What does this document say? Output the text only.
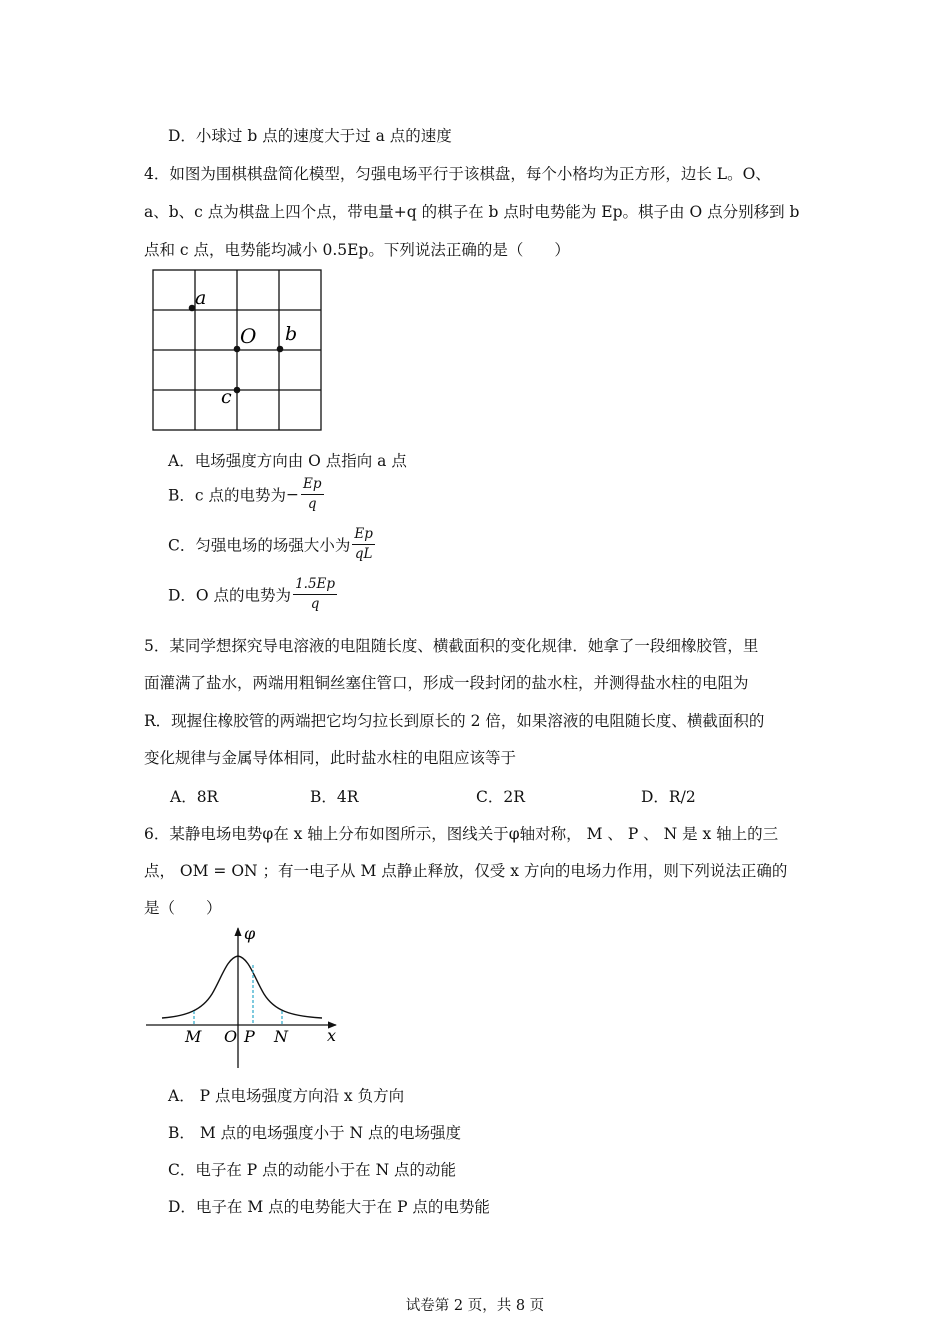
D．小球过 b 点的速度大于过 a 点的速度
4．如图为围棋棋盘简化模型，匀强电场平行于该棋盘，每个小格均为正方形，边长 L。O、
a、b、c 点为棋盘上四个点，带电量+q 的棋子在 b 点时电势能为 Ep。棋子由 O 点分别移到 b
点和 c 点，电势能均减小 0.5Ep。下列说法正确的是（　　）
a
O b
c
A．电场强度方向由 O 点指向 a 点
B．c 点的电势为− $\frac{Ep}{q}$
C．匀强电场的场强大小为 $\frac{Ep}{qL}$
D．O 点的电势为 $\frac{1.5Ep}{q}$
5．某同学想探究导电溶液的电阻随长度、横截面积的变化规律．她拿了一段细橡胶管，里
面灌满了盐水，两端用粗铜丝塞住管口，形成一段封闭的盐水柱，并测得盐水柱的电阻为
R．现握住橡胶管的两端把它均匀拉长到原长的 2 倍，如果溶液的电阻随长度、横截面积的
变化规律与金属导体相同，此时盐水柱的电阻应该等于
A．8R	B．4R	C．2R	D．R/2
6．某静电场电势φ在 x 轴上分布如图所示，图线关于φ轴对称， M 、 P 、 N 是 x 轴上的三
点， OM = ON ；有一电子从 M 点静止释放，仅受 x 方向的电场力作用，则下列说法正确的
是（　　）
φ
x
M O P N
A． P 点电场强度方向沿 x 负方向
B． M 点的电场强度小于 N 点的电场强度
C．电子在 P 点的动能小于在 N 点的动能
D．电子在 M 点的电势能大于在 P 点的电势能
试卷第 2 页，共 8 页
